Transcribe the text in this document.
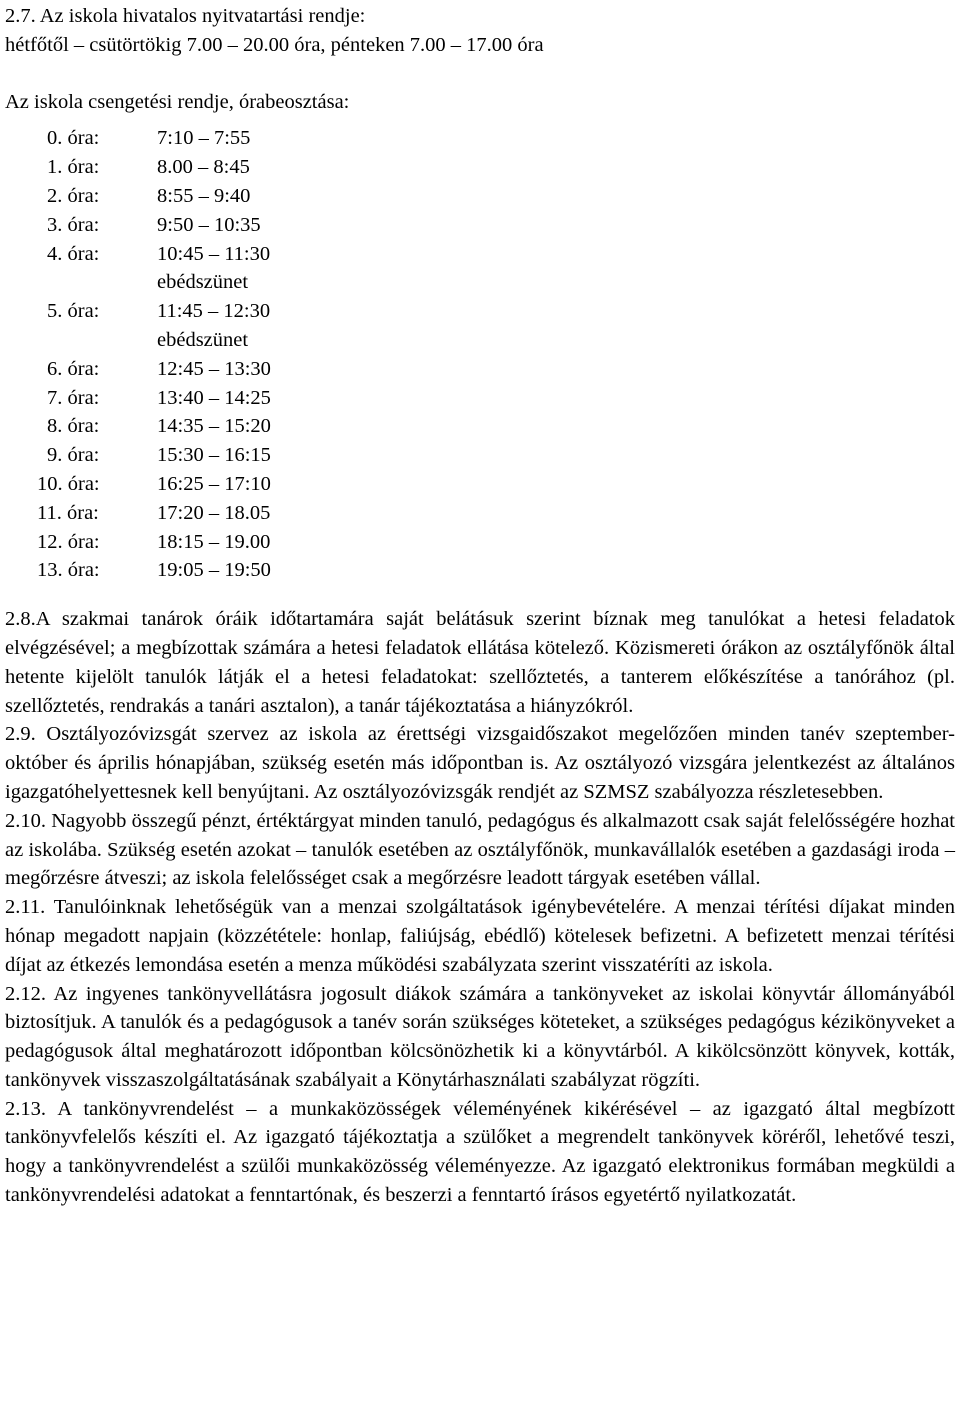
2.7. Az iskola hivatalos nyitvatartási rendje:
hétfőtől – csütörtökig 7.00 – 20.00 óra, pénteken 7.00 – 17.00 óra
Az iskola csengetési rendje, órabeosztása:
0. óra:	7:10 – 7:55
1. óra:	8.00 – 8:45
2. óra:	8:55 – 9:40
3. óra:	9:50 – 10:35
4. óra:	10:45 – 11:30
ebédszünet
5. óra:	11:45 – 12:30
ebédszünet
6. óra:	12:45 – 13:30
7. óra:	13:40 – 14:25
8. óra:	14:35 – 15:20
9. óra:	15:30 – 16:15
10. óra:	16:25 – 17:10
11. óra:	17:20 – 18.05
12. óra:	18:15 – 19.00
13. óra:	19:05 – 19:50
2.8.A szakmai tanárok óráik időtartamára saját belátásuk szerint bíznak meg tanulókat a hetesi feladatok elvégzésével; a megbízottak számára a hetesi feladatok ellátása kötelező. Közismereti órákon az osztályfőnök által hetente kijelölt tanulók látják el a hetesi feladatokat: szellőztetés, a tanterem előkészítése a tanórához (pl. szellőztetés, rendrakás a tanári asztalon), a tanár tájékoztatása a hiányzókról.
2.9. Osztályozóvizsgát szervez az iskola az érettségi vizsgaidőszakot megelőzően minden tanév szeptember-október és április hónapjában, szükség esetén más időpontban is. Az osztályozó vizsgára jelentkezést az általános igazgatóhelyettesnek kell benyújtani. Az osztályozóvizsgák rendjét az SZMSZ szabályozza részletesebben.
2.10. Nagyobb összegű pénzt, értéktárgyat minden tanuló, pedagógus és alkalmazott csak saját felelősségére hozhat az iskolába. Szükség esetén azokat – tanulók esetében az osztályfőnök, munkavállalók esetében a gazdasági iroda – megőrzésre átveszi; az iskola felelősséget csak a megőrzésre leadott tárgyak esetében vállal.
2.11. Tanulóinknak lehetőségük van a menzai szolgáltatások igénybevételére. A menzai térítési díjakat minden hónap megadott napjain (közzététele: honlap, faliújság, ebédlő) kötelesek befizetni. A befizetett menzai térítési díjat az étkezés lemondása esetén a menza működési szabályzata szerint visszatéríti az iskola.
2.12. Az ingyenes tankönyvellátásra jogosult diákok számára a tankönyveket az iskolai könyvtár állományából biztosítjuk. A tanulók és a pedagógusok a tanév során szükséges köteteket, a szükséges pedagógus kézikönyveket a pedagógusok által meghatározott időpontban kölcsönözhetik ki a könyvtárból. A kikölcsönzött könyvek, kották, tankönyvek visszaszolgáltatásának szabályait a Könytárhasználati szabályzat rögzíti.
2.13. A tankönyvrendelést – a munkaközösségek véleményének kikérésével – az igazgató által megbízott tankönyvfelelős készíti el. Az igazgató tájékoztatja a szülőket a megrendelt tankönyvek köréről, lehetővé teszi, hogy a tankönyvrendelést a szülői munkaközösség véleményezze. Az igazgató elektronikus formában megküldi a tankönyvrendelési adatokat a fenntartónak, és beszerzi a fenntartó írásos egyetértő nyilatkozatát.
